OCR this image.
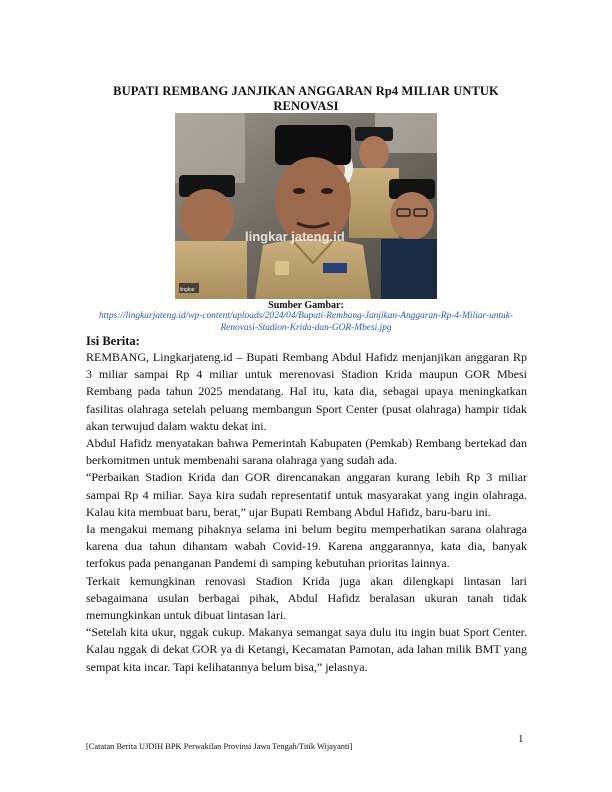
BUPATI REMBANG JANJIKAN ANGGARAN Rp4 MILIAR UNTUK RENOVASI
lingkar jateng.id
lingkar
Sumber Gambar:
https://lingkarjateng.id/wp-content/uploads/2024/04/Bupati-Rembang-Janjikan-Anggaran-Rp-4-Miliar-untuk-
Renovasi-Stadion-Krida-dan-GOR-Mbesi.jpg
Isi Berita:

REMBANG, Lingkarjateng.id – Bupati Rembang Abdul Hafidz menjanjikan anggaran Rp 3 miliar sampai Rp 4 miliar untuk merenovasi Stadion Krida maupun GOR Mbesi Rembang pada tahun 2025 mendatang. Hal itu, kata dia, sebagai upaya meningkatkan fasilitas olahraga setelah peluang membangun Sport Center (pusat olahraga) hampir tidak akan terwujud dalam waktu dekat ini.

Abdul Hafidz menyatakan bahwa Pemerintah Kabupaten (Pemkab) Rembang bertekad dan berkomitmen untuk membenahi sarana olahraga yang sudah ada.

“Perbaikan Stadion Krida dan GOR direncanakan anggaran kurang lebih Rp 3 miliar sampai Rp 4 miliar. Saya kira sudah representatif untuk masyarakat yang ingin olahraga. Kalau kita membuat baru, berat,” ujar Bupati Rembang Abdul Hafidz, baru-baru ini.

Ia mengakui memang pihaknya selama ini belum begitu memperhatikan sarana olahraga karena dua tahun dihantam wabah Covid-19. Karena anggarannya, kata dia, banyak terfokus pada penanganan Pandemi di samping kebutuhan prioritas lainnya.

Terkait kemungkinan renovasi Stadion Krida juga akan dilengkapi lintasan lari sebagaimana usulan berbagai pihak, Abdul Hafidz beralasan ukuran tanah tidak memungkinkan untuk dibuat lintasan lari.

“Setelah kita ukur, nggak cukup. Makanya semangat saya dulu itu ingin buat Sport Center. Kalau nggak di dekat GOR ya di Ketangi, Kecamatan Pamotan, ada lahan milik BMT yang sempat kita incar. Tapi kelihatannya belum bisa,” jelasnya.

1
[Catatan Berita UJDIH BPK Perwakilan Provinsi Jawa Tengah/Titik Wijayanti]
